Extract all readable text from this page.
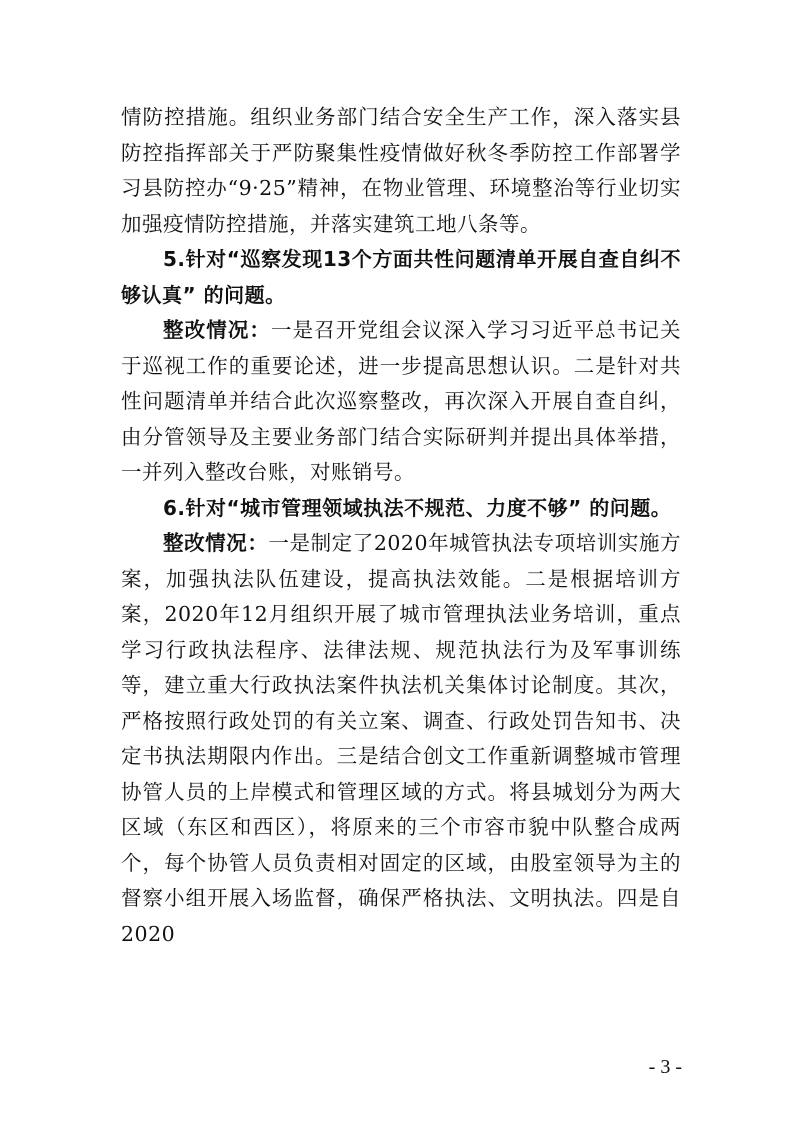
情防控措施。组织业务部门结合安全生产工作，深入落实县防控指挥部关于严防聚集性疫情做好秋冬季防控工作部署学习县防控办“9·25”精神，在物业管理、环境整治等行业切实加强疫情防控措施，并落实建筑工地八条等。

5.针对“巡察发现13个方面共性问题清单开展自查自纠不够认真” 的问题。

整改情况：一是召开党组会议深入学习习近平总书记关于巡视工作的重要论述，进一步提高思想认识。二是针对共性问题清单并结合此次巡察整改，再次深入开展自查自纠，由分管领导及主要业务部门结合实际研判并提出具体举措，一并列入整改台账，对账销号。

6.针对“城市管理领域执法不规范、力度不够” 的问题。

整改情况：一是制定了2020年城管执法专项培训实施方案，加强执法队伍建设，提高执法效能。二是根据培训方案，2020年12月组织开展了城市管理执法业务培训，重点学习行政执法程序、法律法规、规范执法行为及军事训练等，建立重大行政执法案件执法机关集体讨论制度。其次，严格按照行政处罚的有关立案、调查、行政处罚告知书、决定书执法期限内作出。三是结合创文工作重新调整城市管理协管人员的上岸模式和管理区域的方式。将县城划分为两大区域（东区和西区），将原来的三个市容市貌中队整合成两个，每个协管人员负责相对固定的区域，由股室领导为主的督察小组开展入场监督，确保严格执法、文明执法。四是自2020

- 3 -
